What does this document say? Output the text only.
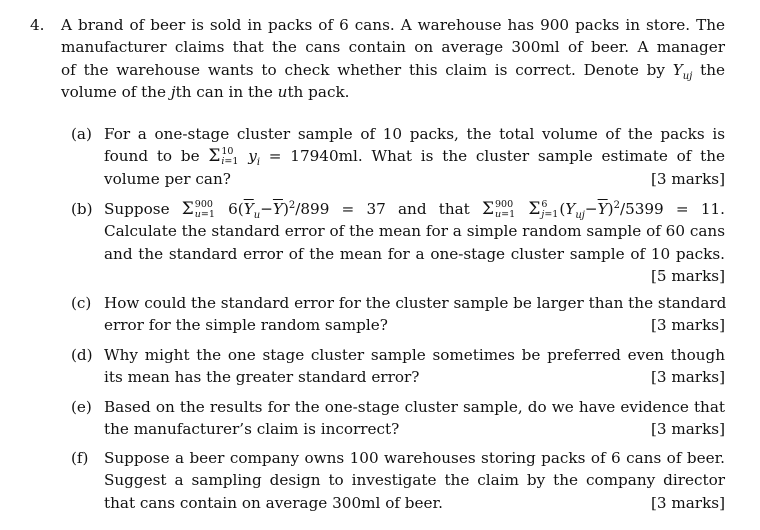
4. A brand of beer is sold in packs of 6 cans. A warehouse has 900 packs in store. The
manufacturer claims that the cans contain on average 300ml of beer. A manager
of the warehouse wants to check whether this claim is correct. Denote by $Y_{uj}$ the
volume of the jth can in the uth pack.
(a) For a one-stage cluster sample of 10 packs, the total volume of the packs is
found to be Σ 10
i=1 $y_i = 17940ml$. What is the cluster sample estimate of the
volume per can?	[3 marks]
(b) Suppose Σ 900
u=1 $6(\overline{Y}_u-\overline{Y})^2/899 = 37$ and that Σ 900
u=1 Σ 6
j=1 $(Y_{uj}-\overline{Y})^2/5399 = 11$.
Calculate the standard error of the mean for a simple random sample of 60 cans
and the standard error of the mean for a one-stage cluster sample of 10 packs.
[5 marks]
(c) How could the standard error for the cluster sample be larger than the standard
error for the simple random sample?	[3 marks]
(d) Why might the one stage cluster sample sometimes be preferred even though
its mean has the greater standard error?	[3 marks]
(e) Based on the results for the one-stage cluster sample, do we have evidence that
the manufacturer’s claim is incorrect?	[3 marks]
(f) Suppose a beer company owns 100 warehouses storing packs of 6 cans of beer.
Suggest a sampling design to investigate the claim by the company director
that cans contain on average 300ml of beer.	[3 marks]
